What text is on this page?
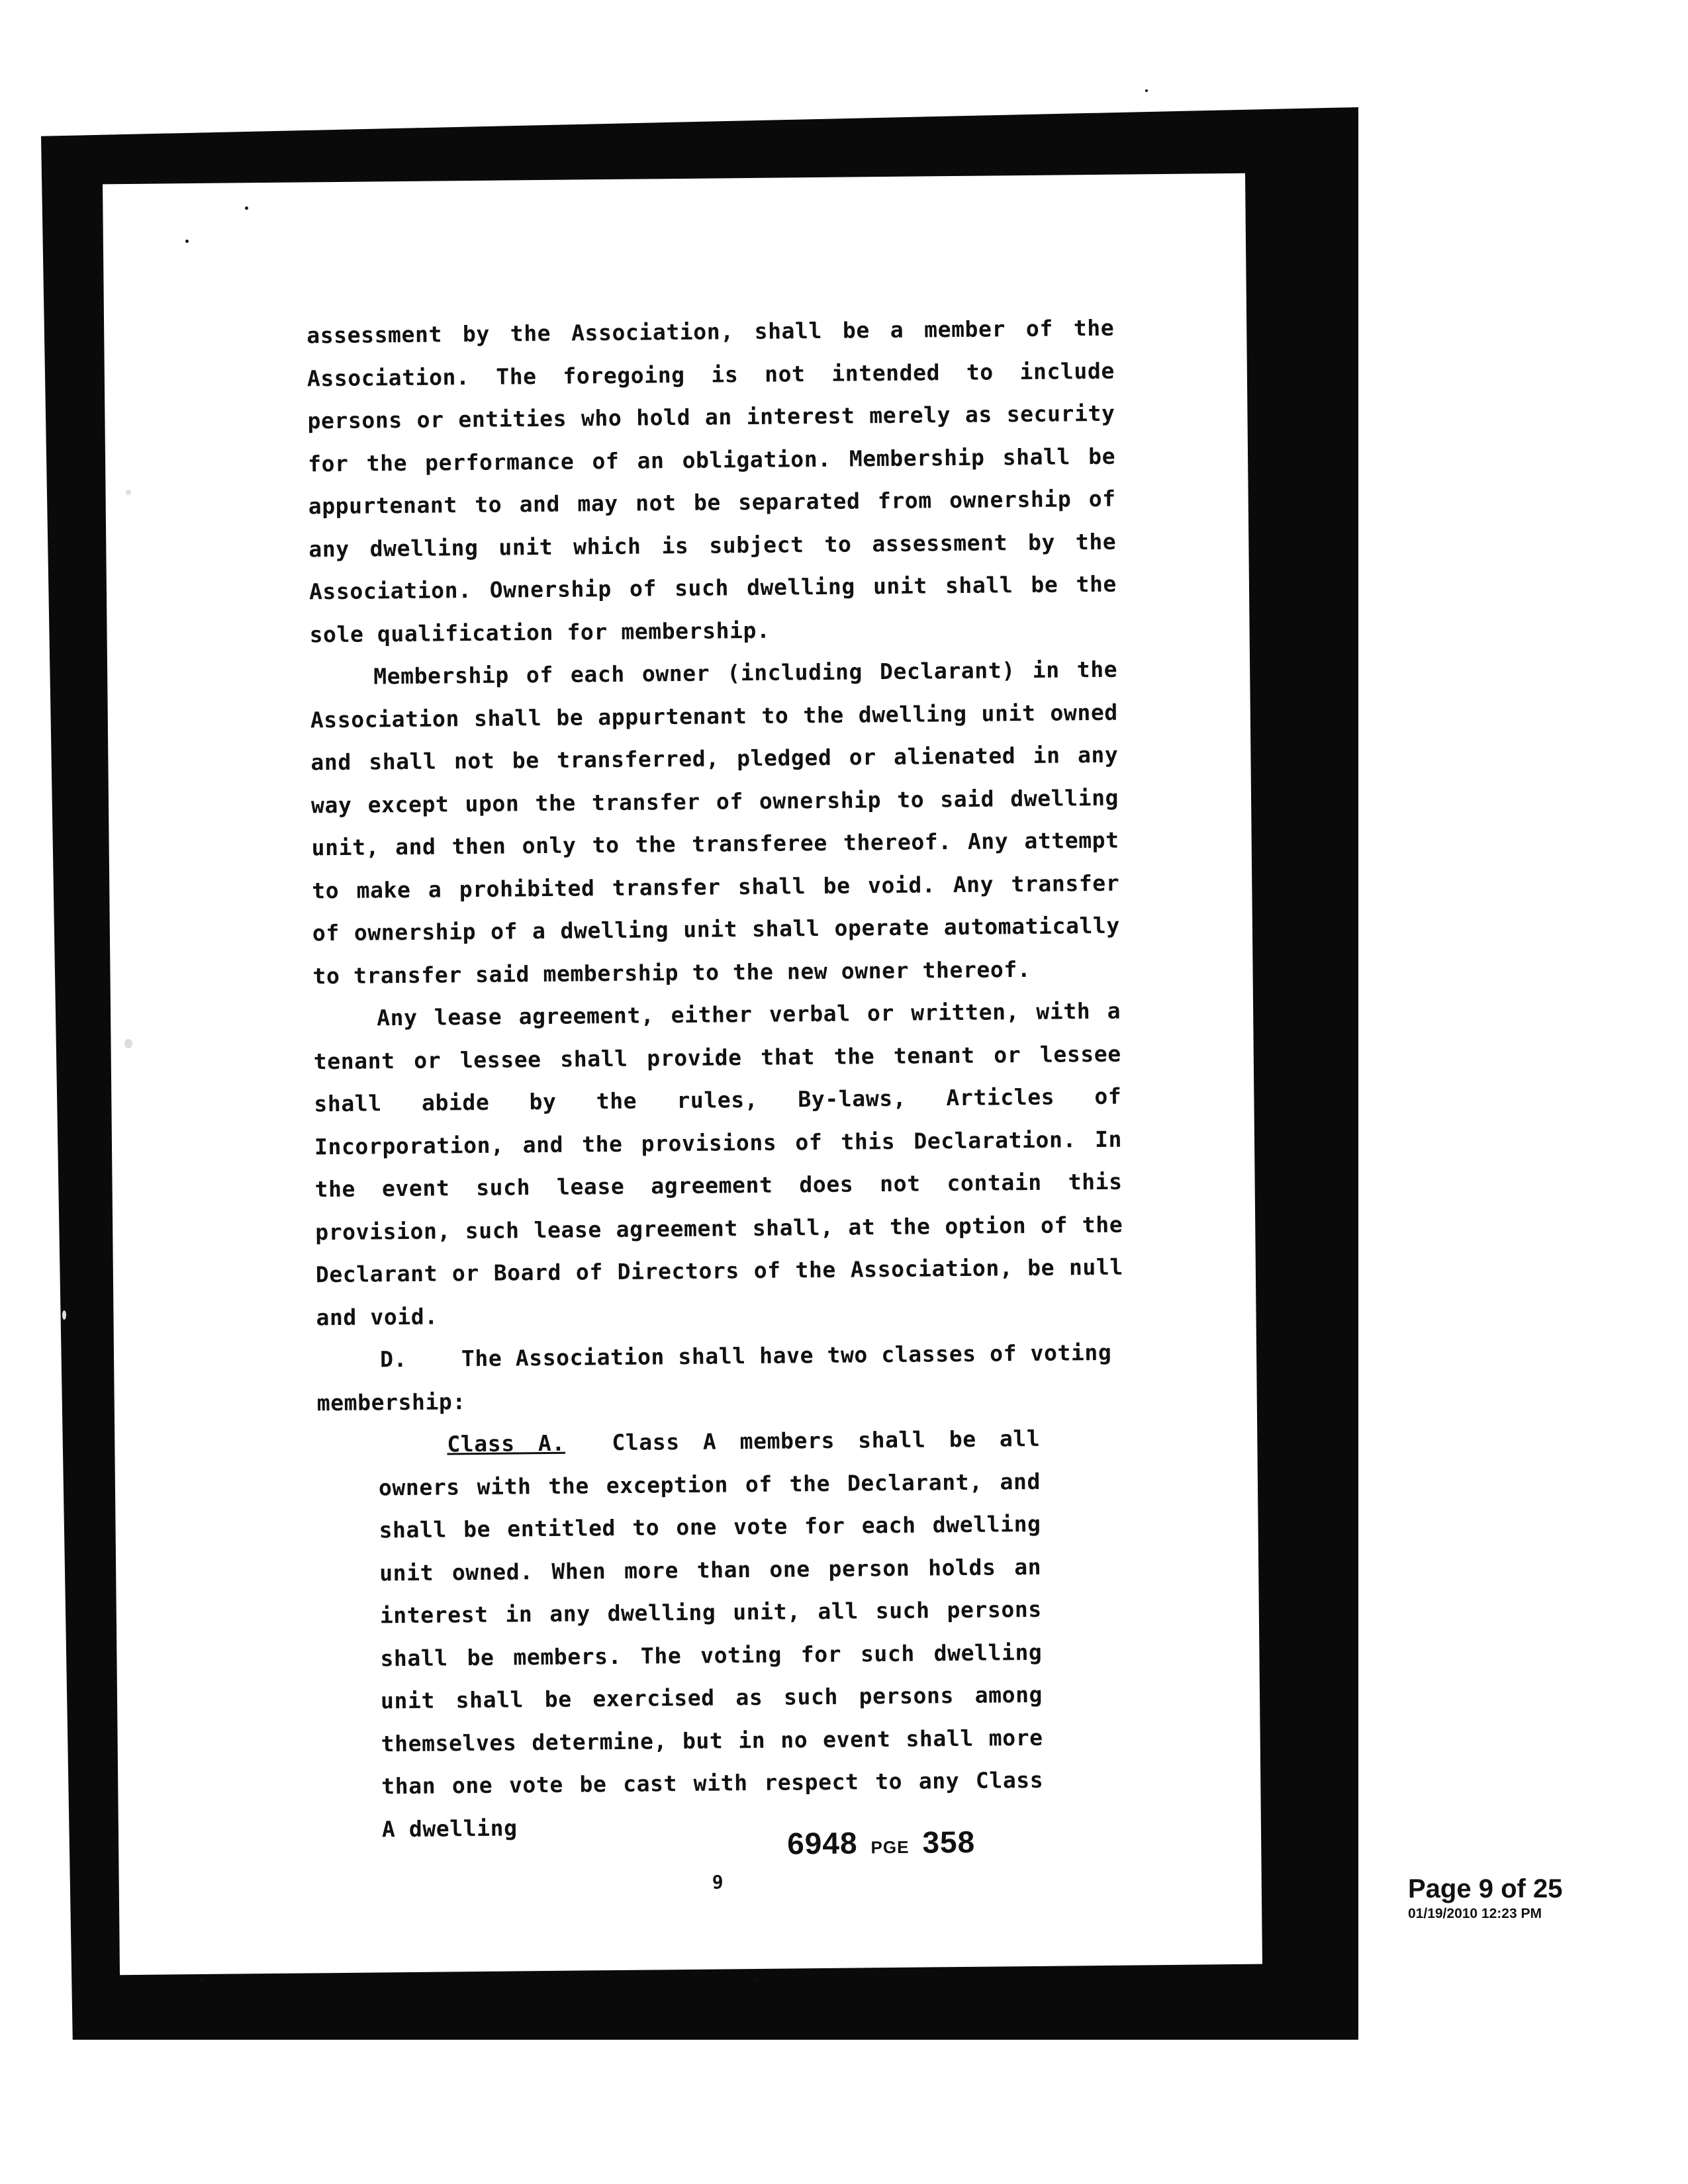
assessment by the Association, shall be a member of the Association. The foregoing is not intended to include persons or entities who hold an interest merely as security for the performance of an obligation. Membership shall be appurtenant to and may not be separated from ownership of any dwelling unit which is subject to assessment by the Association. Ownership of such dwelling unit shall be the sole qualification for membership.

Membership of each owner (including Declarant) in the Association shall be appurtenant to the dwelling unit owned and shall not be transferred, pledged or alienated in any way except upon the transfer of ownership to said dwelling unit, and then only to the transferee thereof. Any attempt to make a prohibited transfer shall be void. Any transfer of ownership of a dwelling unit shall operate automatically to transfer said membership to the new owner thereof.

Any lease agreement, either verbal or written, with a tenant or lessee shall provide that the tenant or lessee shall abide by the rules, By-laws, Articles of Incorporation, and the provisions of this Declaration. In the event such lease agreement does not contain this provision, such lease agreement shall, at the option of the Declarant or Board of Directors of the Association, be null and void.

D.    The Association shall have two classes of voting membership:

Class A. Class A members shall be all owners with the exception of the Declarant, and shall be entitled to one vote for each dwelling unit owned. When more than one person holds an interest in any dwelling unit, all such persons shall be members. The voting for such dwelling unit shall be exercised as such persons among themselves determine, but in no event shall more than one vote be cast with respect to any Class A dwelling	6948 PGE 358
9	Page 9 of 25
01/19/2010 12:23 PM
